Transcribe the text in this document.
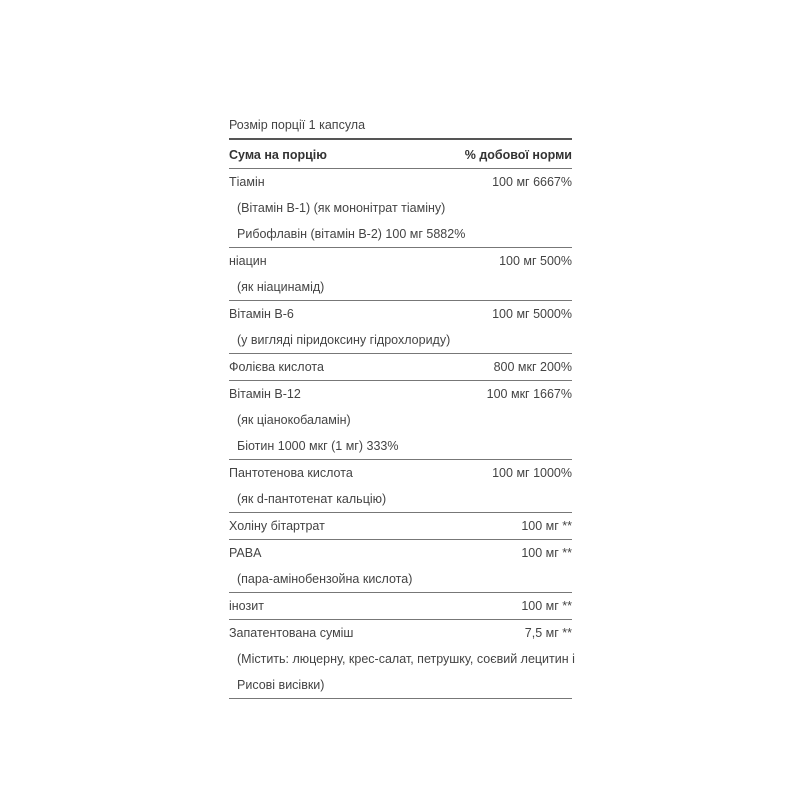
Розмір порції 1 капсула
Сума на порцію	% добової норми
Тіамін	100 мг 6667%
(Вітамін В-1) (як мононітрат тіаміну)
Рибофлавін (вітамін В-2) 100 мг 5882%
ніацин	100 мг 500%
(як ніацинамід)
Вітамін В-6	100 мг 5000%
(у вигляді піридоксину гідрохлориду)
Фолієва кислота	800 мкг 200%
Вітамін В-12	100 мкг 1667%
(як ціанокобаламін)
Біотин 1000 мкг (1 мг) 333%
Пантотенова кислота	100 мг 1000%
(як d-пантотенат кальцію)
Холіну бітартрат	100 мг **
PABA	100 мг **
(пара-амінобензойна кислота)
інозит	100 мг **
Запатентована суміш	7,5 мг **
(Містить: люцерну, крес-салат, петрушку, соєвий лецитин і
Рисові висівки)
